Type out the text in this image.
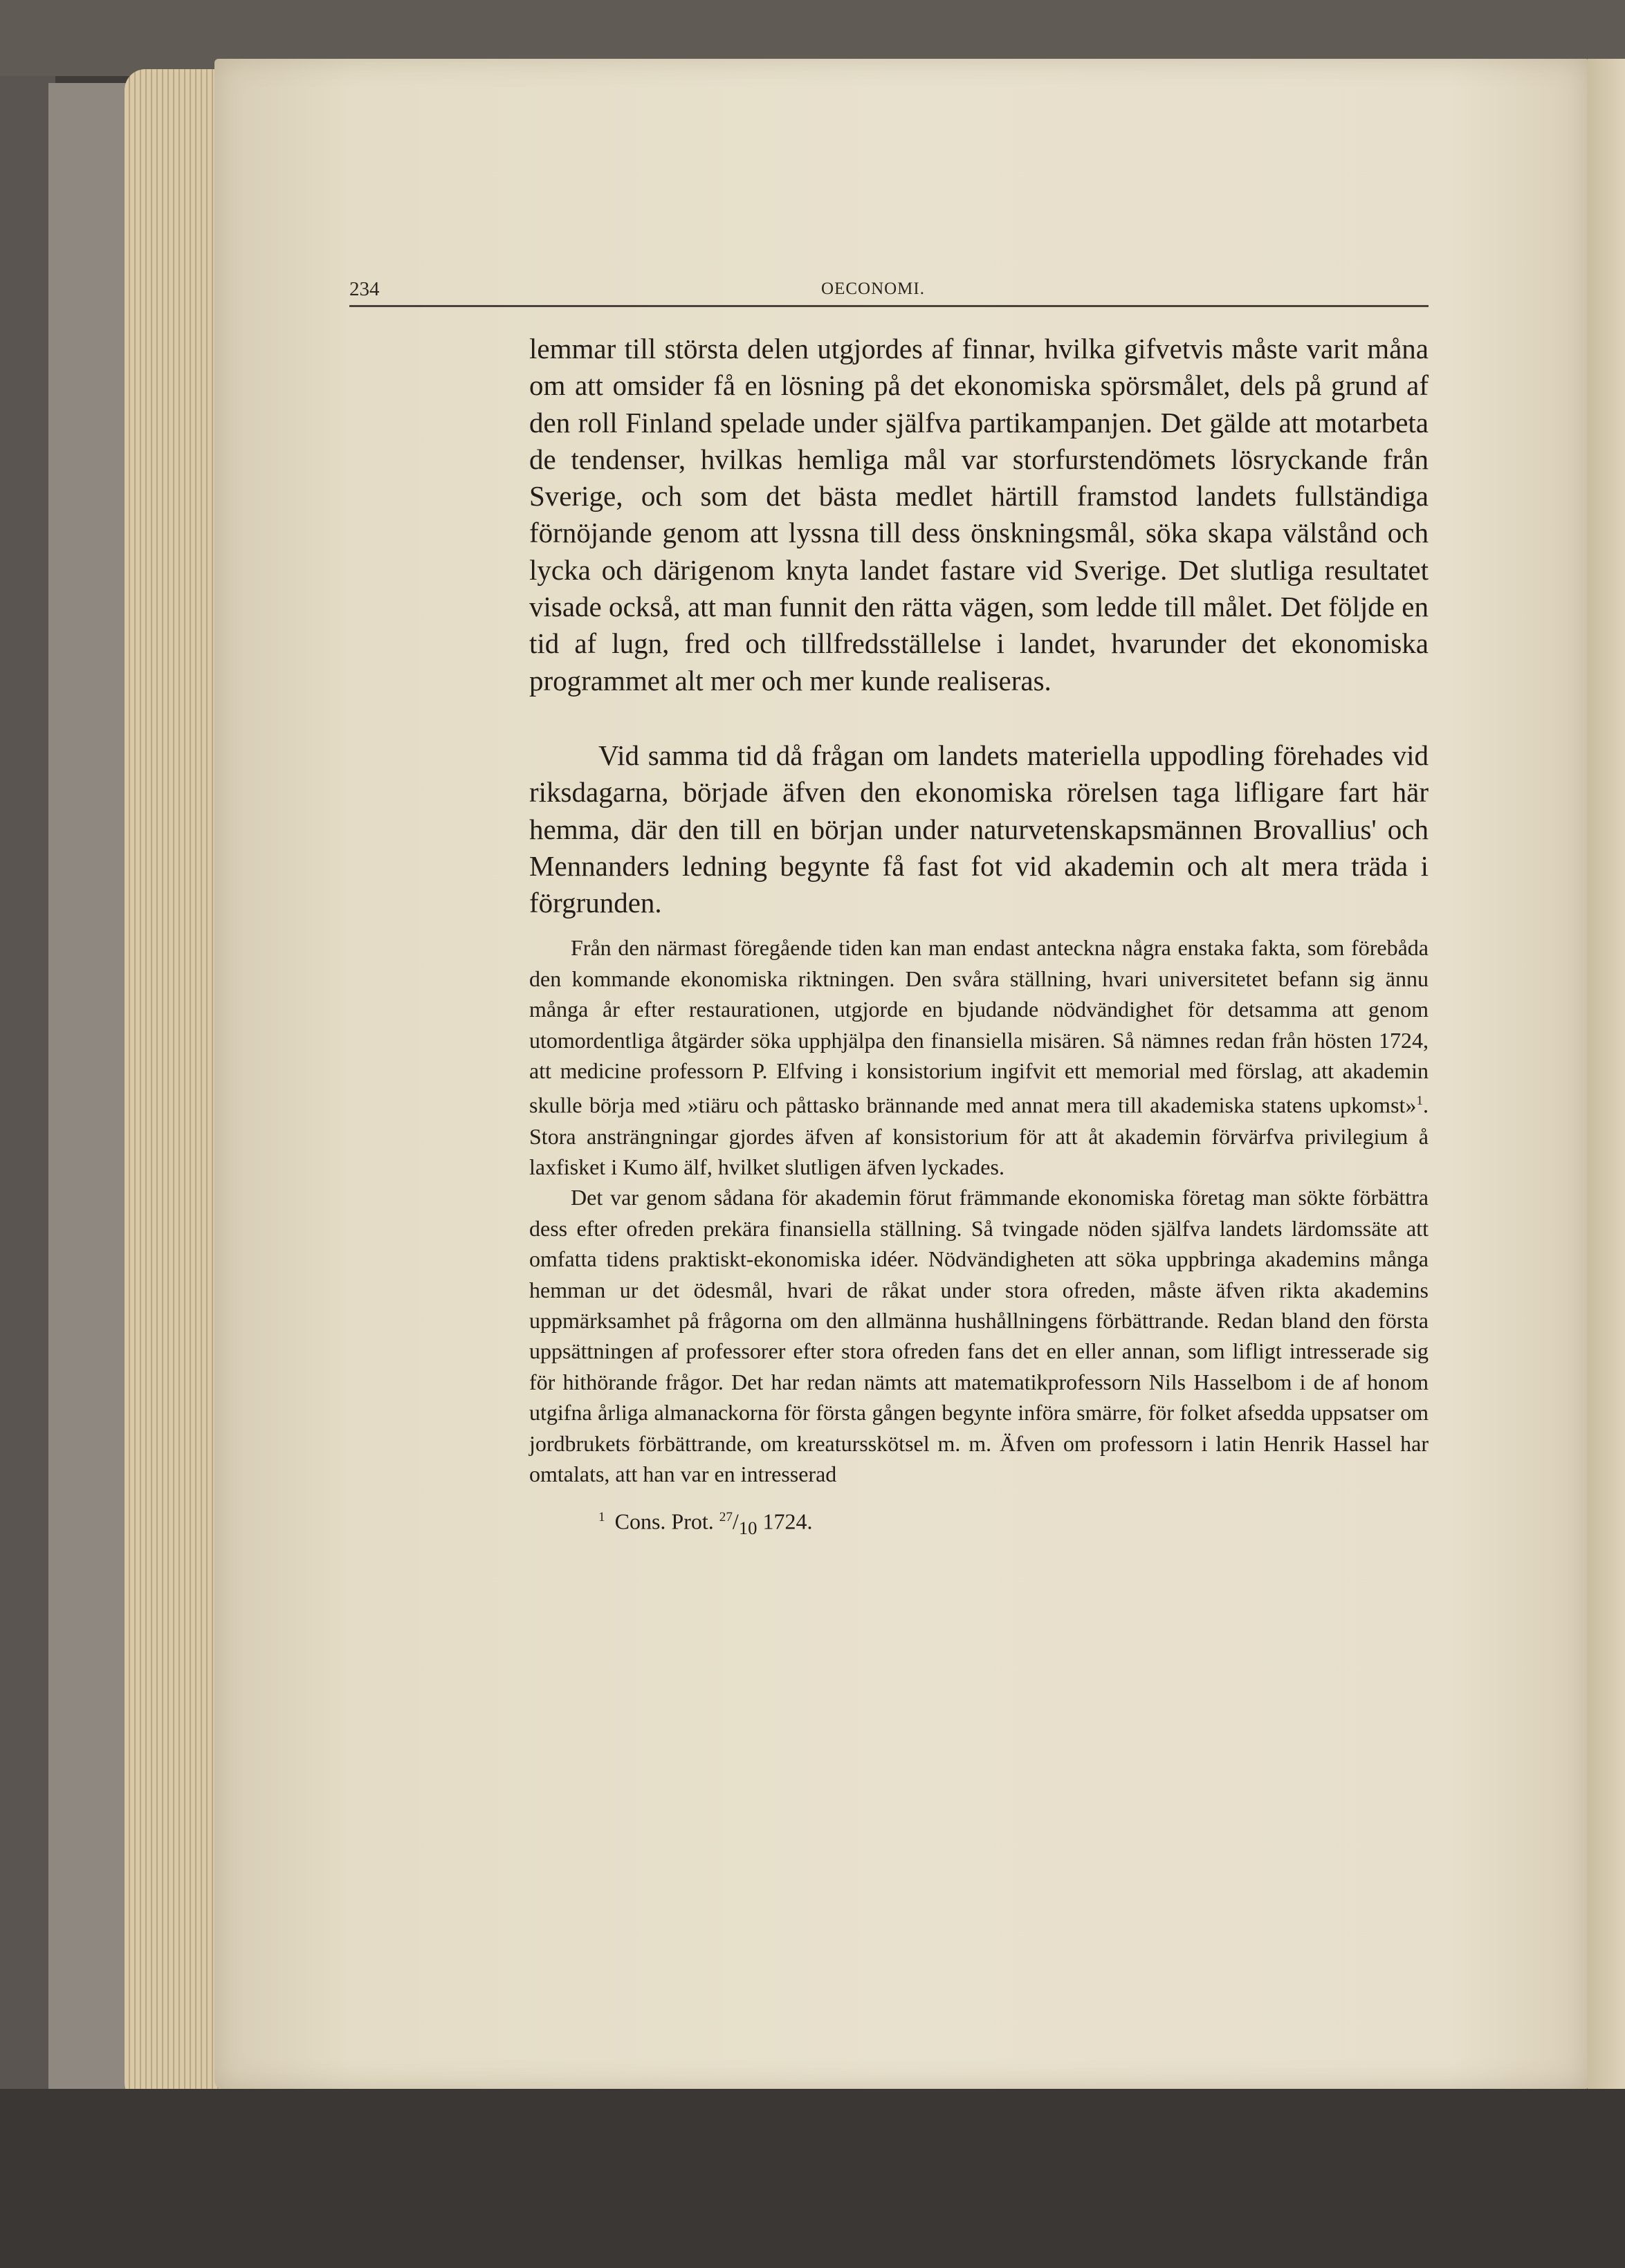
234	OECONOMI.

lemmar till största delen utgjordes af finnar, hvilka gifvetvis måste varit måna om att omsider få en lösning på det ekonomiska spörsmålet, dels på grund af den roll Finland spelade under själfva partikampanjen. Det gälde att motarbeta de tendenser, hvilkas hemliga mål var storfurstendömets lösryckande från Sverige, och som det bästa medlet härtill framstod landets fullständiga förnöjande genom att lyssna till dess önskningsmål, söka skapa välstånd och lycka och därigenom knyta landet fastare vid Sverige. Det slutliga resultatet visade också, att man funnit den rätta vägen, som ledde till målet. Det följde en tid af lugn, fred och tillfredsställelse i landet, hvarunder det ekonomiska programmet alt mer och mer kunde realiseras.

Vid samma tid då frågan om landets materiella uppodling förehades vid riksdagarna, började äfven den ekonomiska rörelsen taga lifligare fart här hemma, där den till en början under naturvetenskapsmännen Brovallius' och Mennanders ledning begynte få fast fot vid akademin och alt mera träda i förgrunden.

Från den närmast föregående tiden kan man endast anteckna några enstaka fakta, som förebåda den kommande ekonomiska riktningen. Den svåra ställning, hvari universitetet befann sig ännu många år efter restaurationen, utgjorde en bjudande nödvändighet för detsamma att genom utomordentliga åtgärder söka upphjälpa den finansiella misären. Så nämnes redan från hösten 1724, att medicine professorn P. Elfving i konsistorium ingifvit ett memorial med förslag, att akademin skulle börja med »tiäru och påttasko brännande med annat mera till akademiska statens upkomst»$^1$. Stora ansträngningar gjordes äfven af konsistorium för att åt akademin förvärfva privilegium å laxfisket i Kumo älf, hvilket slutligen äfven lyckades.

Det var genom sådana för akademin förut främmande ekonomiska företag man sökte förbättra dess efter ofreden prekära finansiella ställning. Så tvingade nöden själfva landets lärdomssäte att omfatta tidens praktiskt-ekonomiska idéer. Nödvändigheten att söka uppbringa akademins många hemman ur det ödesmål, hvari de råkat under stora ofreden, måste äfven rikta akademins uppmärksamhet på frågorna om den allmänna hushållningens förbättrande. Redan bland den första uppsättningen af professorer efter stora ofreden fans det en eller annan, som lifligt intresserade sig för hithörande frågor. Det har redan nämts att matematikprofessorn Nils Hasselbom i de af honom utgifna årliga almanackorna för första gången begynte införa smärre, för folket afsedda uppsatser om jordbrukets förbättrande, om kreatursskötsel m. m. Äfven om professorn i latin Henrik Hassel har omtalats, att han var en intresserad

$^1$ Cons. Prot. $^{27}/_{10}$ 1724.
